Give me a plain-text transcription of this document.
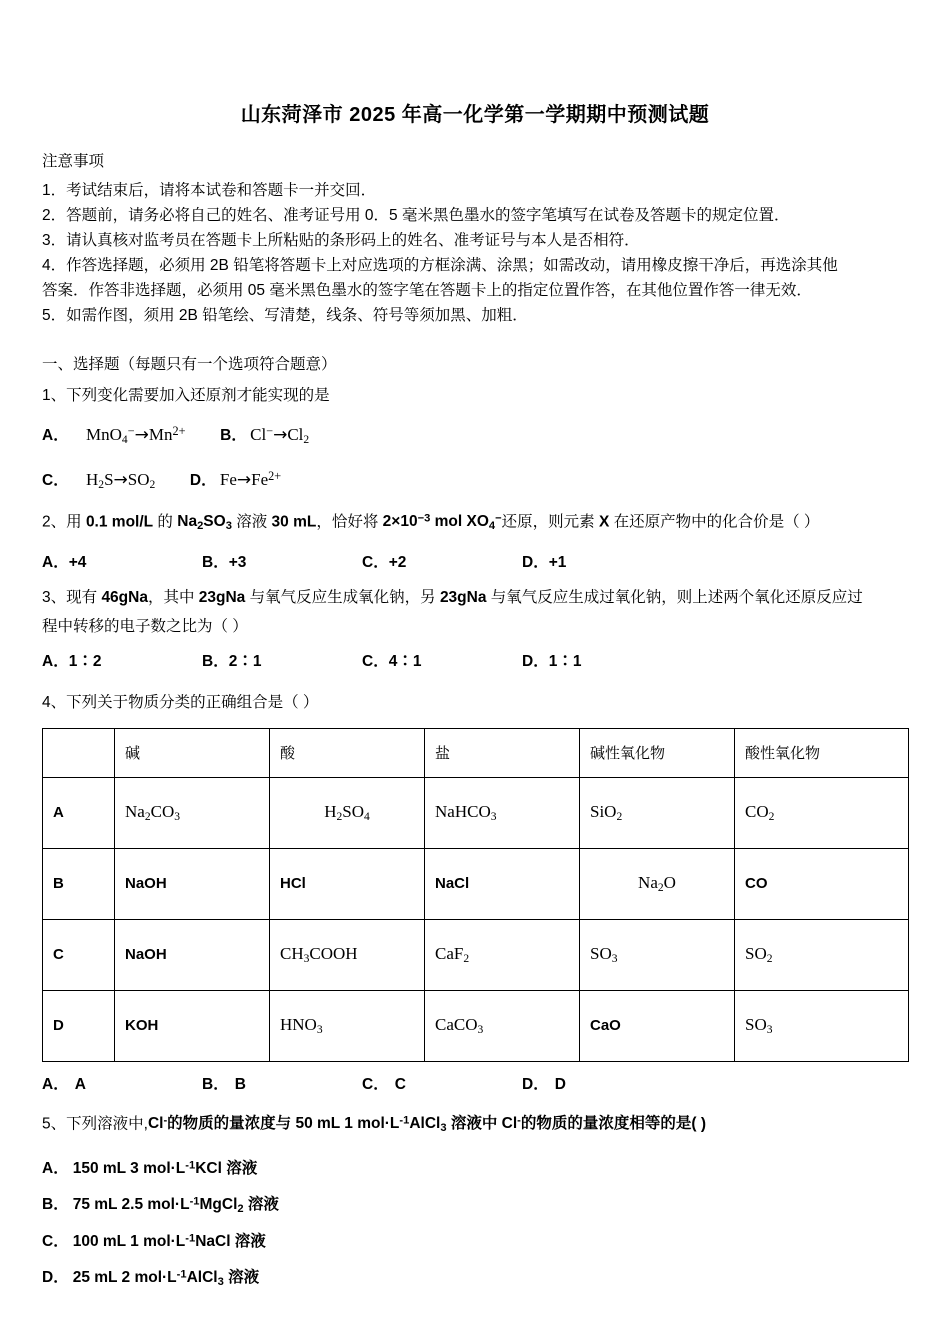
山东菏泽市 2025 年高一化学第一学期期中预测试题
注意事项

1．考试结束后，请将本试卷和答题卡一并交回．

2．答题前，请务必将自己的姓名、准考证号用 0．5 毫米黑色墨水的签字笔填写在试卷及答题卡的规定位置．

3．请认真核对监考员在答题卡上所粘贴的条形码上的姓名、准考证号与本人是否相符．

4．作答选择题，必须用 2B 铅笔将答题卡上对应选项的方框涂满、涂黑；如需改动，请用橡皮擦干净后，再选涂其他

答案．作答非选择题，必须用 05 毫米黑色墨水的签字笔在答题卡上的指定位置作答，在其他位置作答一律无效．

5．如需作图，须用 2B 铅笔绘、写清楚，线条、符号等须加黑、加粗．

一、选择题（每题只有一个选项符合题意）

1、下列变化需要加入还原剂才能实现的是

A． $MnO_4^-\to Mn^{2+}$ B． $Cl^-\to Cl_2$
C． $H_2S\to SO_2$ D． $Fe\to Fe^{2+}$

2、用 0.1 mol/L 的 $Na_2SO_3$ 溶液 30 mL，恰好将 $2\times 10^{-3}$ mol $XO_4^-$还原，则元素 X 在还原产物中的化合价是（ ）

A．+4	B．+3	C．+2	D．+1

3、现有 46gNa，其中 23gNa 与氧气反应生成氧化钠，另 23gNa 与氧气反应生成过氧化钠，则上述两个氧化还原反应过

程中转移的电子数之比为（ ）

A．1∶2	B．2∶1	C．4∶1	D．1∶1

4、下列关于物质分类的正确组合是（ ）

	碱	酸	盐	碱性氧化物	酸性氧化物
A	$Na_2CO_3$	$H_2SO_4$	NaHCO$_3$	SiO$_2$	$CO_2$
B	NaOH	HCl	NaCl	$Na_2O$	CO
C	NaOH	$CH_3COOH$	CaF$_2$	$SO_3$	$SO_2$
D	KOH	$HNO_3$	CaCO$_3$	CaO	$SO_3$
A． A	B． B	C． C	D． D

5、下列溶液中,Cl-的物质的量浓度与 50 mL 1 $mol\cdot L^{-1}AlCl_3$ 溶液中 Cl-的物质的量浓度相等的是( )

A． 150 mL 3 $mol\cdot L^{-1}KCl$ 溶液
B． 75 mL 2.5 $mol\cdot L^{-1}MgCl_2$ 溶液
C． 100 mL 1 $mol\cdot L^{-1}NaCl$ 溶液
D． 25 mL 2 $mol\cdot L^{-1}AlCl_3$ 溶液
